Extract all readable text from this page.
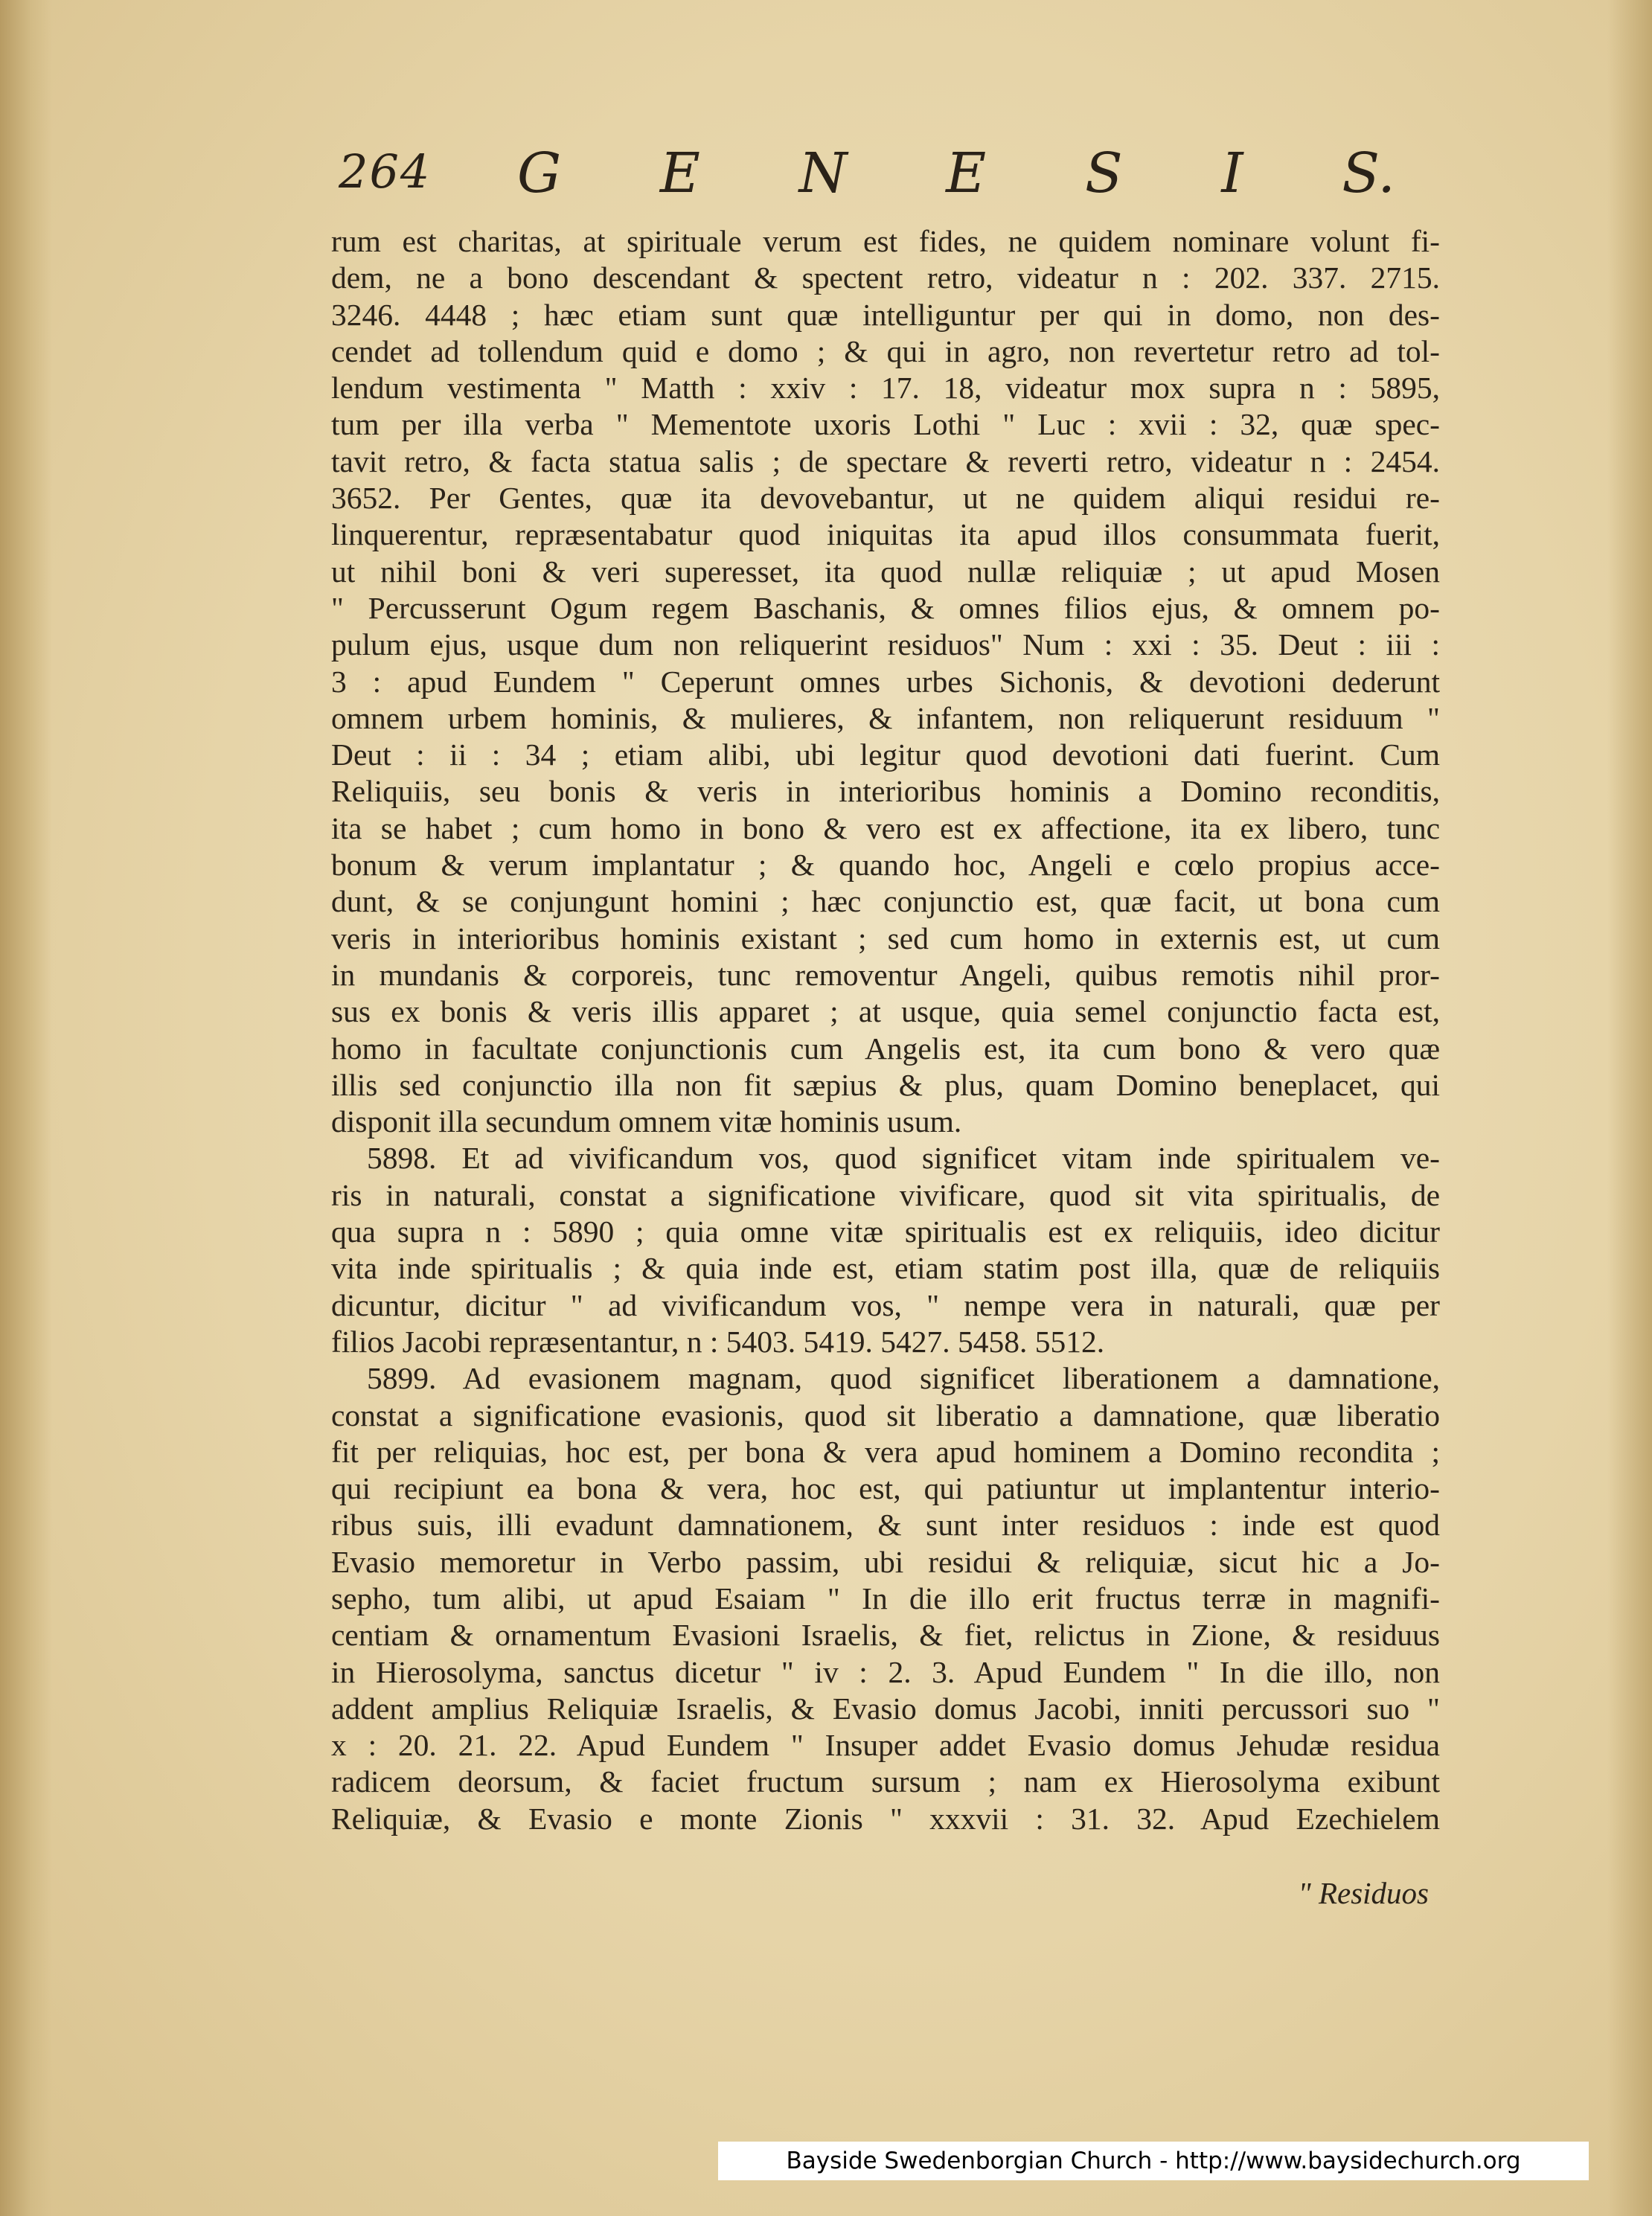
264 G E N E S I S.
rum est charitas, at spirituale verum est fides, ne quidem nominare volunt fi-
dem, ne a bono descendant & spectent retro, videatur n : 202. 337. 2715.
3246. 4448 ; hæc etiam sunt quæ intelliguntur per qui in domo, non des-
cendet ad tollendum quid e domo ; & qui in agro, non revertetur retro ad tol-
lendum vestimenta " Matth : xxiv : 17. 18, videatur mox supra n : 5895,
tum per illa verba " Mementote uxoris Lothi " Luc : xvii : 32, quæ spec-
tavit retro, & facta statua salis ; de spectare & reverti retro, videatur n : 2454.
3652. Per Gentes, quæ ita devovebantur, ut ne quidem aliqui residui re-
linquerentur, repræsentabatur quod iniquitas ita apud illos consummata fuerit,
ut nihil boni & veri superesset, ita quod nullæ reliquiæ ; ut apud Mosen
" Percusserunt Ogum regem Baschanis, & omnes filios ejus, & omnem po-
pulum ejus, usque dum non reliquerint residuos" Num : xxi : 35. Deut : iii :
3 : apud Eundem " Ceperunt omnes urbes Sichonis, & devotioni dederunt
omnem urbem hominis, & mulieres, & infantem, non reliquerunt residuum "
Deut : ii : 34 ; etiam alibi, ubi legitur quod devotioni dati fuerint. Cum
Reliquiis, seu bonis & veris in interioribus hominis a Domino reconditis,
ita se habet ; cum homo in bono & vero est ex affectione, ita ex libero, tunc
bonum & verum implantatur ; & quando hoc, Angeli e cœlo propius acce-
dunt, & se conjungunt homini ; hæc conjunctio est, quæ facit, ut bona cum
veris in interioribus hominis existant ; sed cum homo in externis est, ut cum
in mundanis & corporeis, tunc removentur Angeli, quibus remotis nihil pror-
sus ex bonis & veris illis apparet ; at usque, quia semel conjunctio facta est,
homo in facultate conjunctionis cum Angelis est, ita cum bono & vero quæ
illis sed conjunctio illa non fit sæpius & plus, quam Domino beneplacet, qui
disponit illa secundum omnem vitæ hominis usum.
5898. Et ad vivificandum vos, quod significet vitam inde spiritualem ve-
ris in naturali, constat a significatione vivificare, quod sit vita spiritualis, de
qua supra n : 5890 ; quia omne vitæ spiritualis est ex reliquiis, ideo dicitur
vita inde spiritualis ; & quia inde est, etiam statim post illa, quæ de reliquiis
dicuntur, dicitur " ad vivificandum vos, " nempe vera in naturali, quæ per
filios Jacobi repræsentantur, n : 5403. 5419. 5427. 5458. 5512.
5899. Ad evasionem magnam, quod significet liberationem a damnatione,
constat a significatione evasionis, quod sit liberatio a damnatione, quæ liberatio
fit per reliquias, hoc est, per bona & vera apud hominem a Domino recondita ;
qui recipiunt ea bona & vera, hoc est, qui patiuntur ut implantentur interio-
ribus suis, illi evadunt damnationem, & sunt inter residuos : inde est quod
Evasio memoretur in Verbo passim, ubi residui & reliquiæ, sicut hic a Jo-
sepho, tum alibi, ut apud Esaiam " In die illo erit fructus terræ in magnifi-
centiam & ornamentum Evasioni Israelis, & fiet, relictus in Zione, & residuus
in Hierosolyma, sanctus dicetur " iv : 2. 3. Apud Eundem " In die illo, non
addent amplius Reliquiæ Israelis, & Evasio domus Jacobi, inniti percussori suo "
x : 20. 21. 22. Apud Eundem " Insuper addet Evasio domus Jehudæ residua
radicem deorsum, & faciet fructum sursum ; nam ex Hierosolyma exibunt
Reliquiæ, & Evasio e monte Zionis " xxxvii : 31. 32. Apud Ezechielem
" Residuos
Bayside Swedenborgian Church - http://www.baysidechurch.org
